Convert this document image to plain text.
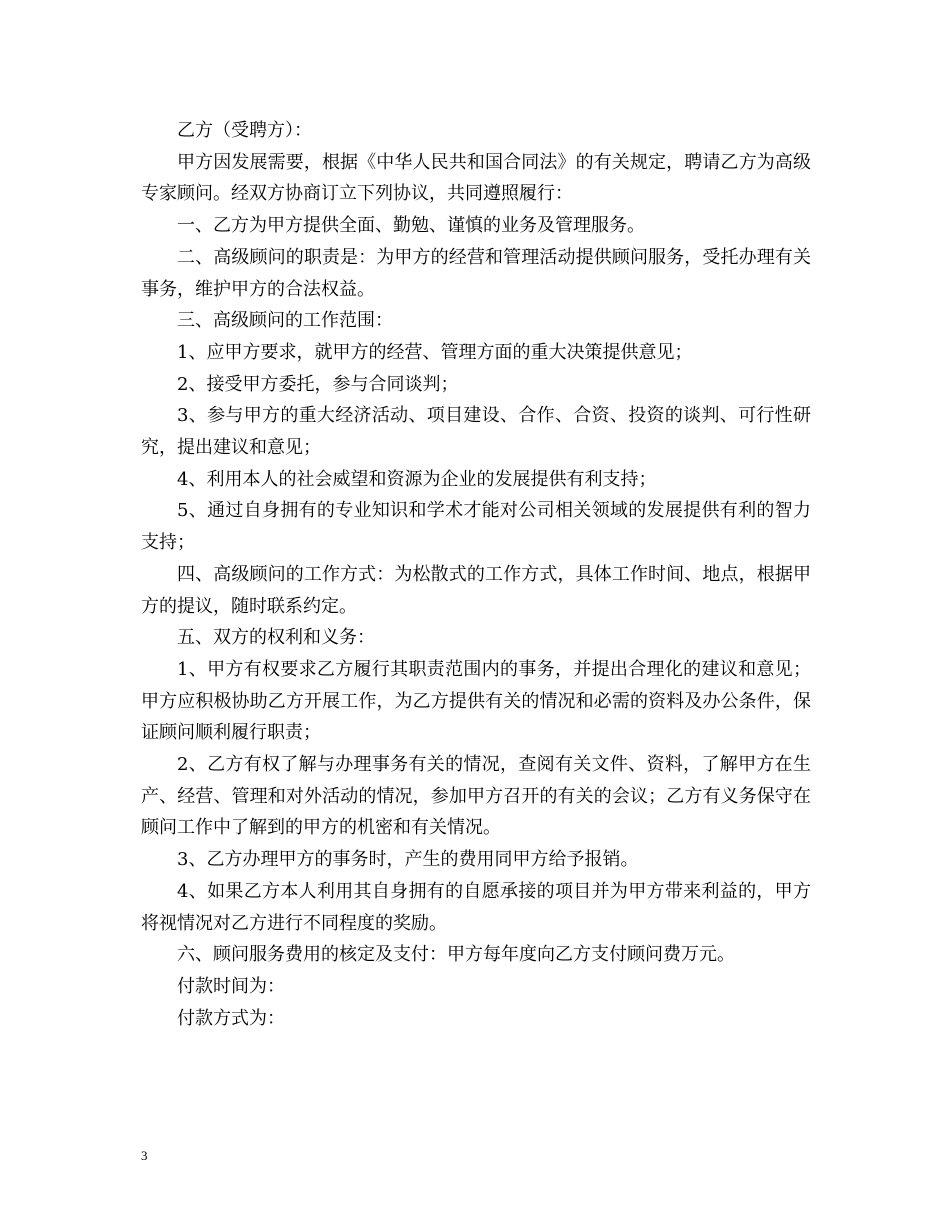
乙方（受聘方）：

甲方因发展需要，根据《中华人民共和国合同法》的有关规定，聘请乙方为高级专家顾问。经双方协商订立下列协议，共同遵照履行：

一、乙方为甲方提供全面、勤勉、谨慎的业务及管理服务。

二、高级顾问的职责是：为甲方的经营和管理活动提供顾问服务，受托办理有关事务，维护甲方的合法权益。

三、高级顾问的工作范围：

1、应甲方要求，就甲方的经营、管理方面的重大决策提供意见；

2、接受甲方委托，参与合同谈判；

3、参与甲方的重大经济活动、项目建设、合作、合资、投资的谈判、可行性研究，提出建议和意见；

4、利用本人的社会威望和资源为企业的发展提供有利支持；

5、通过自身拥有的专业知识和学术才能对公司相关领域的发展提供有利的智力支持；

四、高级顾问的工作方式：为松散式的工作方式，具体工作时间、地点，根据甲方的提议，随时联系约定。

五、双方的权利和义务：

1、甲方有权要求乙方履行其职责范围内的事务，并提出合理化的建议和意见；甲方应积极协助乙方开展工作，为乙方提供有关的情况和必需的资料及办公条件，保证顾问顺利履行职责；

2、乙方有权了解与办理事务有关的情况，查阅有关文件、资料，了解甲方在生产、经营、管理和对外活动的情况，参加甲方召开的有关的会议；乙方有义务保守在顾问工作中了解到的甲方的机密和有关情况。

3、乙方办理甲方的事务时，产生的费用同甲方给予报销。

4、如果乙方本人利用其自身拥有的自愿承接的项目并为甲方带来利益的，甲方将视情况对乙方进行不同程度的奖励。

六、顾问服务费用的核定及支付：甲方每年度向乙方支付顾问费万元。

付款时间为：

付款方式为：

3
